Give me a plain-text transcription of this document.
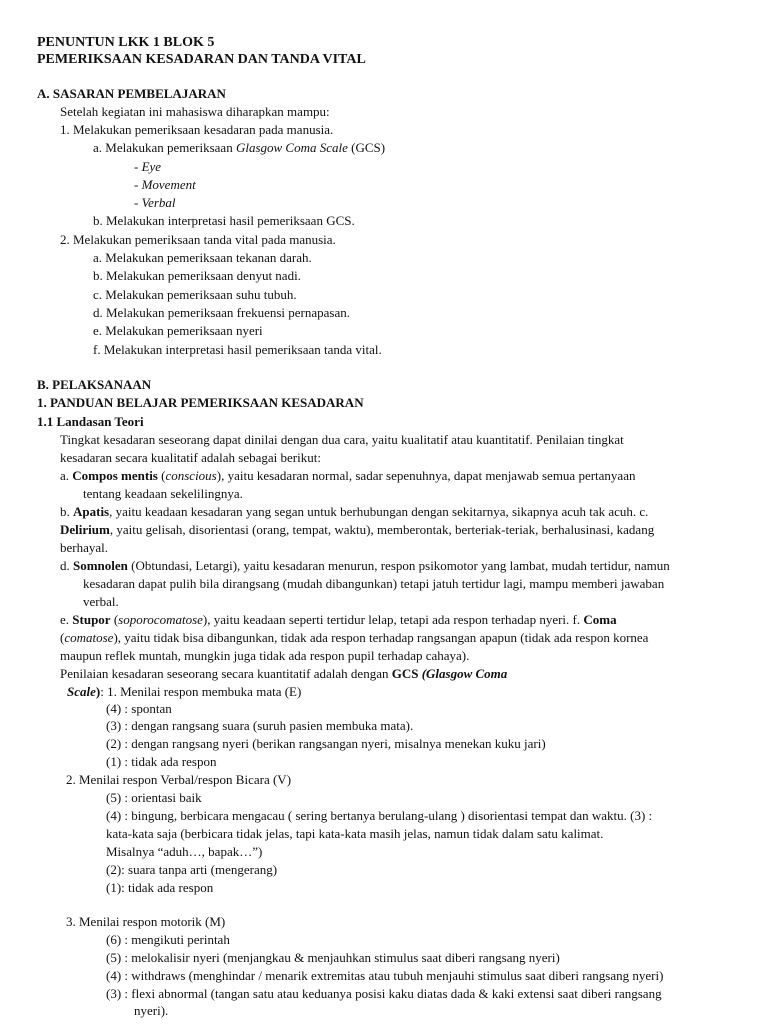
PENUNTUN LKK 1 BLOK 5
PEMERIKSAAN KESADARAN DAN TANDA VITAL
A. SASARAN PEMBELAJARAN
Setelah kegiatan ini mahasiswa diharapkan mampu:
1. Melakukan pemeriksaan kesadaran pada manusia.
a. Melakukan pemeriksaan Glasgow Coma Scale (GCS)
- Eye
- Movement
- Verbal
b. Melakukan interpretasi hasil pemeriksaan GCS.
2. Melakukan pemeriksaan tanda vital pada manusia.
a. Melakukan pemeriksaan tekanan darah.
b. Melakukan pemeriksaan denyut nadi.
c. Melakukan pemeriksaan suhu tubuh.
d. Melakukan pemeriksaan frekuensi pernapasan.
e. Melakukan pemeriksaan nyeri
f. Melakukan interpretasi hasil pemeriksaan tanda vital.
B. PELAKSANAAN
1. PANDUAN BELAJAR PEMERIKSAAN KESADARAN
1.1 Landasan Teori
Tingkat kesadaran seseorang dapat dinilai dengan dua cara, yaitu kualitatif atau kuantitatif. Penilaian tingkat
kesadaran secara kualitatif adalah sebagai berikut:
a. Compos mentis (conscious), yaitu kesadaran normal, sadar sepenuhnya, dapat menjawab semua pertanyaan
tentang keadaan sekelilingnya.
b. Apatis, yaitu keadaan kesadaran yang segan untuk berhubungan dengan sekitarnya, sikapnya acuh tak acuh. c.
Delirium, yaitu gelisah, disorientasi (orang, tempat, waktu), memberontak, berteriak-teriak, berhalusinasi, kadang
berhayal.
d. Somnolen (Obtundasi, Letargi), yaitu kesadaran menurun, respon psikomotor yang lambat, mudah tertidur, namun
kesadaran dapat pulih bila dirangsang (mudah dibangunkan) tetapi jatuh tertidur lagi, mampu memberi jawaban
verbal.
e. Stupor (soporocomatose), yaitu keadaan seperti tertidur lelap, tetapi ada respon terhadap nyeri. f. Coma
(comatose), yaitu tidak bisa dibangunkan, tidak ada respon terhadap rangsangan apapun (tidak ada respon kornea
maupun reflek muntah, mungkin juga tidak ada respon pupil terhadap cahaya).
Penilaian kesadaran seseorang secara kuantitatif adalah dengan GCS (Glasgow Coma
Scale): 1. Menilai respon membuka mata (E)
(4) : spontan
(3) : dengan rangsang suara (suruh pasien membuka mata).
(2) : dengan rangsang nyeri (berikan rangsangan nyeri, misalnya menekan kuku jari)
(1) : tidak ada respon
2. Menilai respon Verbal/respon Bicara (V)
(5) : orientasi baik
(4) : bingung, berbicara mengacau ( sering bertanya berulang-ulang ) disorientasi tempat dan waktu. (3) :
kata-kata saja (berbicara tidak jelas, tapi kata-kata masih jelas, namun tidak dalam satu kalimat.
Misalnya “aduh…, bapak…”)
(2): suara tanpa arti (mengerang)
(1): tidak ada respon
3. Menilai respon motorik (M)
(6) : mengikuti perintah
(5) : melokalisir nyeri (menjangkau & menjauhkan stimulus saat diberi rangsang nyeri)
(4) : withdraws (menghindar / menarik extremitas atau tubuh menjauhi stimulus saat diberi rangsang nyeri)
(3) : flexi abnormal (tangan satu atau keduanya posisi kaku diatas dada & kaki extensi saat diberi rangsang
nyeri).
